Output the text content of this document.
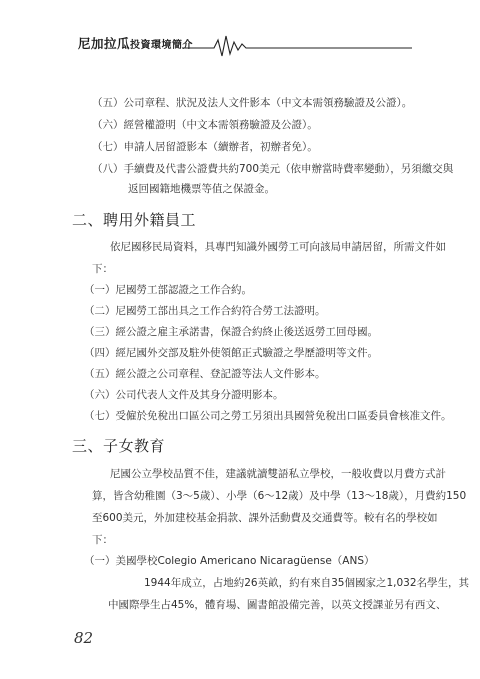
尼加拉瓜投資環境簡介
（五）公司章程、狀況及法人文件影本（中文本需領務驗證及公證）。
（六）經營權證明（中文本需領務驗證及公證）。
（七）申請人居留證影本（續辦者，初辦者免）。
（八）手續費及代書公證費共約700美元（依申辦當時費率變動），另須繳交與
返回國籍地機票等值之保證金。
二、聘用外籍員工
依尼國移民局資料，具專門知識外國勞工可向該局申請居留，所需文件如
下：
（一）尼國勞工部認證之工作合約。
（二）尼國勞工部出具之工作合約符合勞工法證明。
（三）經公證之雇主承諾書，保證合約終止後送返勞工回母國。
（四）經尼國外交部及駐外使領館正式驗證之學歷證明等文件。
（五）經公證之公司章程、登記證等法人文件影本。
（六）公司代表人文件及其身分證明影本。
（七）受僱於免稅出口區公司之勞工另須出具國營免稅出口區委員會核准文件。
三、子女教育
尼國公立學校品質不佳，建議就讀雙語私立學校，一般收費以月費方式計
算，皆含幼稚園（3～5歲）、小學（6～12歲）及中學（13～18歲），月費約150
至600美元，外加建校基金捐款、課外活動費及交通費等。較有名的學校如
下：
（一）美國學校Colegio Americano Nicaragüense（ANS）
1944年成立，占地約26英畝，約有來自35個國家之1,032名學生，其
中國際學生占45%，體育場、圖書館設備完善，以英文授課並另有西文、
82
